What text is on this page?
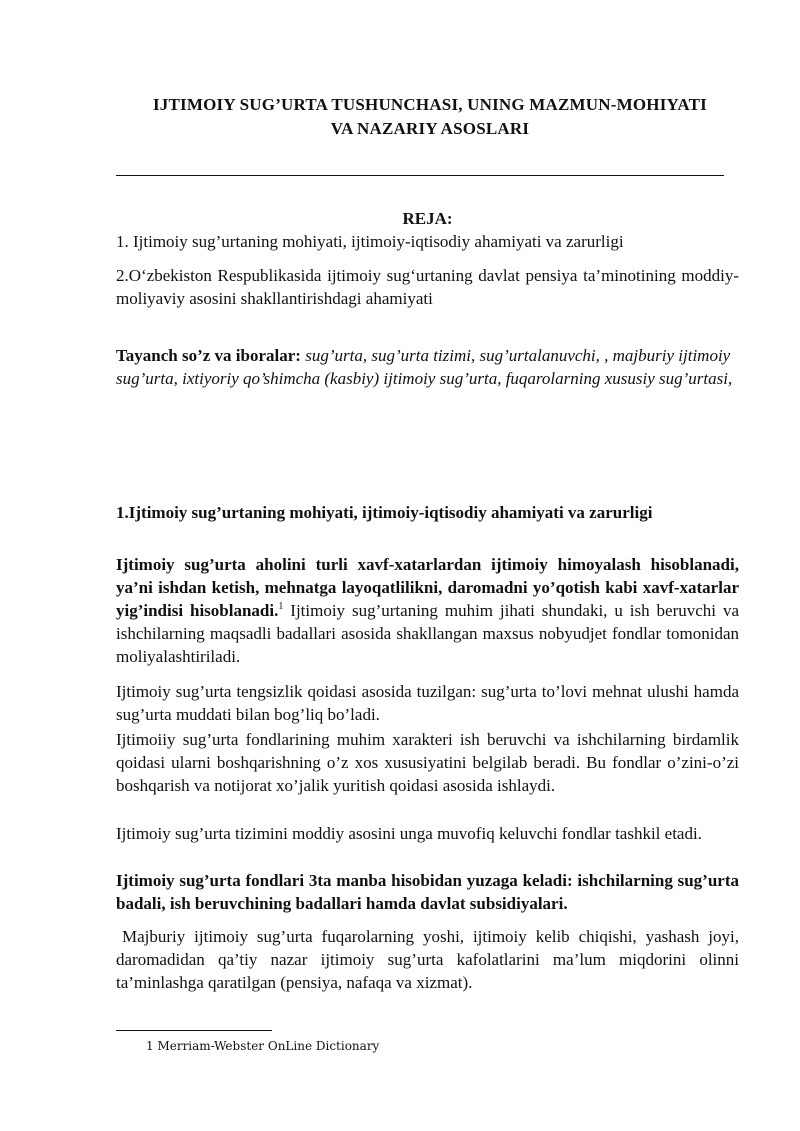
IJTIMOIY SUG’URTA TUSHUNCHASI, UNING MAZMUN-MOHIYATI
VA NAZARIY ASOSLARI
REJA:
1. Ijtimoiy sug’urtaning mohiyati, ijtimoiy-iqtisodiy ahamiyati va zarurligi
2.O‘zbekiston Respublikasida ijtimoiy sug‘urtaning davlat pensiya ta’minotining moddiy-moliyaviy asosini shakllantirishdagi ahamiyati
Tayanch so’z va iboralar: sug’urta, sug’urta tizimi, sug’urtalanuvchi, , majburiy ijtimoiy
sug’urta, ixtiyoriy qo’shimcha (kasbiy) ijtimoiy sug’urta, fuqarolarning xususiy sug’urtasi,
1.Ijtimoiy sug’urtaning mohiyati, ijtimoiy-iqtisodiy ahamiyati va zarurligi
Ijtimoiy sug’urta aholini turli xavf-xatarlardan ijtimoiy himoyalash hisoblanadi, ya’ni ishdan ketish, mehnatga layoqatlilikni, daromadni yo’qotish kabi xavf-xatarlar yig’indisi hisoblanadi.$^1$ Ijtimoiy sug’urtaning muhim jihati shundaki, u ish beruvchi va ishchilarning maqsadli badallari asosida shakllangan maxsus nobyudjet fondlar tomonidan moliyalashtiriladi.
Ijtimoiy sug’urta tengsizlik qoidasi asosida tuzilgan: sug’urta to’lovi mehnat ulushi hamda sug’urta muddati bilan bog’liq bo’ladi.
Ijtimoiiy sug’urta fondlarining muhim xarakteri ish beruvchi va ishchilarning birdamlik qoidasi ularni boshqarishning o’z xos xususiyatini belgilab beradi. Bu fondlar o’zini-o’zi boshqarish va notijorat xo’jalik yuritish qoidasi asosida ishlaydi.
Ijtimoiy sug’urta tizimini moddiy asosini unga muvofiq keluvchi fondlar tashkil etadi.
Ijtimoiy sug’urta fondlari 3ta manba hisobidan yuzaga keladi: ishchilarning sug’urta badali, ish beruvchining badallari hamda davlat subsidiyalari.
Majburiy ijtimoiy sug’urta fuqarolarning yoshi, ijtimoiy kelib chiqishi, yashash joyi, daromadidan qa’tiy nazar ijtimoiy sug’urta kafolatlarini ma’lum miqdorini olinni ta’minlashga qaratilgan (pensiya, nafaqa va xizmat).
1 Merriam-Webster OnLine Dictionary
